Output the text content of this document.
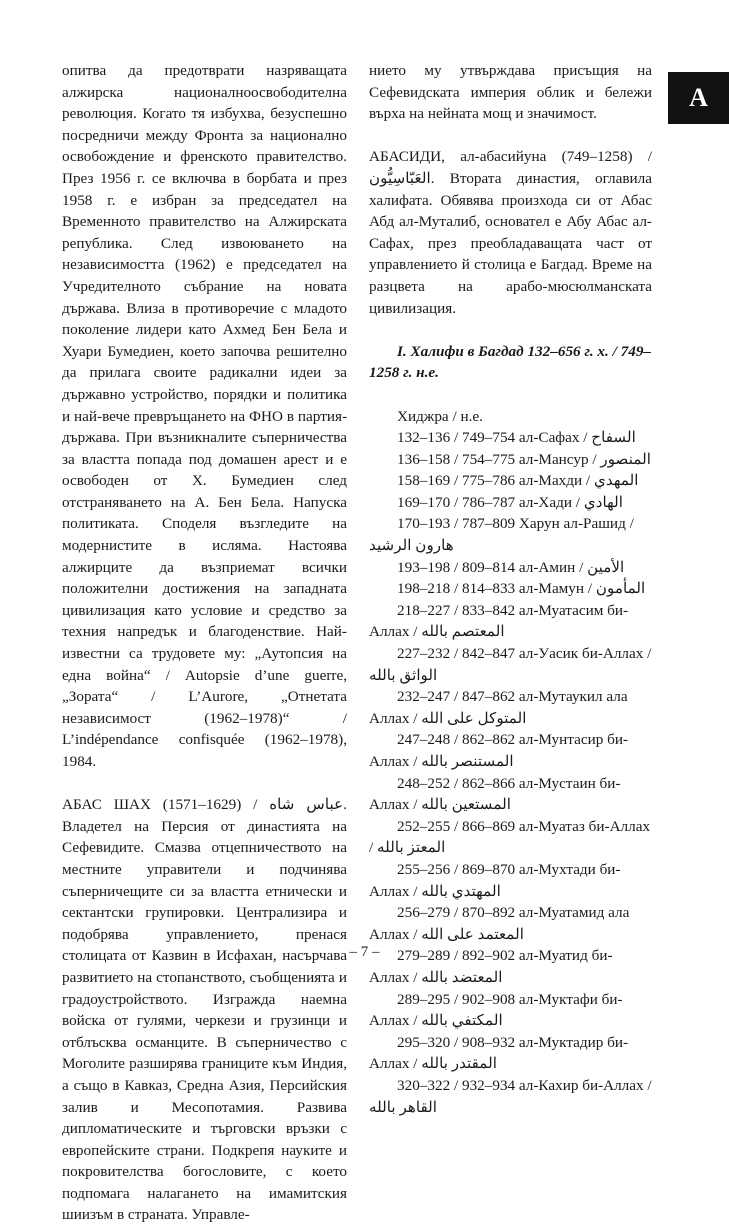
опитва да предотврати назряващата алжирска националноосвободителна революция. Когато тя избухва, безуспешно посредничи между Фронта за национално освобождение и френското правителство. През 1956 г. се включва в борбата и през 1958 г. е избран за председател на Временното правителство на Алжирската република. След извоюването на независимостта (1962) е председател на Учредителното събрание на новата държава. Влиза в противоречие с младото поколение лидери като Ахмед Бен Бела и Хуари Бумедиен, което започва решително да прилага своите радикални идеи за държавно устройство, порядки и политика и най-вече превръщането на ФНО в партия-държава. При възникналите съперничества за властта попада под домашен арест и е освободен от Х. Бумедиен след отстраняването на А. Бен Бела. Напуска политиката. Споделя възгледите на модернистите в исляма. Настоява алжирците да възприемат всички положителни достижения на западната цивилизация като условие и средство за техния напредък и благоденствие. Най-известни са трудовете му: „Аутопсия на една война“ / Autopsie d’une guerre, „Зората“ / L’Aurore, „Отнетата независимост (1962–1978)“ / L’indépendance confisquée (1962–1978), 1984.

АБАС ШАХ (1571–1629) / عباس شاه. Владетел на Персия от династията на Сефевидите. Смазва отцепничеството на местните управители и подчинява съперничещите си за властта етнически и сектантски групировки. Централизира и подобрява управлението, пренася столицата от Казвин в Исфахан, насърчава развитието на стопанството, съобщенията и градоустройството. Изгражда наемна войска от гулями, черкези и грузинци и отблъсква османците. В съперничество с Моголите разширява границите към Индия, а също в Кавказ, Средна Азия, Персийския залив и Месопотамия. Развива дипломатическите и търговски връзки с европейските страни. Подкрепя науките и покровителства богословите, с което подпомага налагането на имамитския шиизъм в страната. Управле-

нието му утвърждава присъщия на Сефевидската империя облик и бележи върха на нейната мощ и значимост.

АБАСИДИ, ал-абасийуна (749–1258) / العَبّاسِيُّون. Втората династия, оглавила халифата. Обявява произхода си от Абас Абд ал-Муталиб, основател е Абу Абас ал-Сафах, през преобладаващата част от управлението й столица е Багдад. Време на разцвета на арабо-мюсюлманската цивилизация.

I. Халифи в Багдад 132–656 г. х. / 749–1258 г. н.е.

Хиджра / н.е.

132–136 / 749–754 ал-Сафах / السفاح

136–158 / 754–775 ал-Мансур / المنصور

158–169 / 775–786 ал-Махди / المهدي

169–170 / 786–787 ал-Хади / الهادي

170–193 / 787–809 Харун ал-Рашид / هارون الرشيد

193–198 / 809–814 ал-Амин / الأمين

198–218 / 814–833 ал-Мамун / المأمون

218–227 / 833–842 ал-Муатасим би-Аллах / المعتصم بالله

227–232 / 842–847 ал-Уасик би-Аллах / الواثق بالله

232–247 / 847–862 ал-Мутаукил ала Аллах / المتوكل على الله

247–248 / 862–862 ал-Мунтасир би-Аллах / المستنصر بالله

248–252 / 862–866 ал-Мустаин би-Аллах / المستعين بالله

252–255 / 866–869 ал-Муатаз би-Аллах / المعتز بالله

255–256 / 869–870 ал-Мухтади би-Аллах / المهتدي بالله

256–279 / 870–892 ал-Муатамид ала Аллах / المعتمد على الله

279–289 / 892–902 ал-Муатид би-Аллах / المعتضد بالله

289–295 / 902–908 ал-Муктафи би-Аллах / المكتفي بالله

295–320 / 908–932 ал-Муктадир би-Аллах / المقتدر بالله

320–322 / 932–934 ал-Кахир би-Аллах / القاهر بالله

А
– 7 –
